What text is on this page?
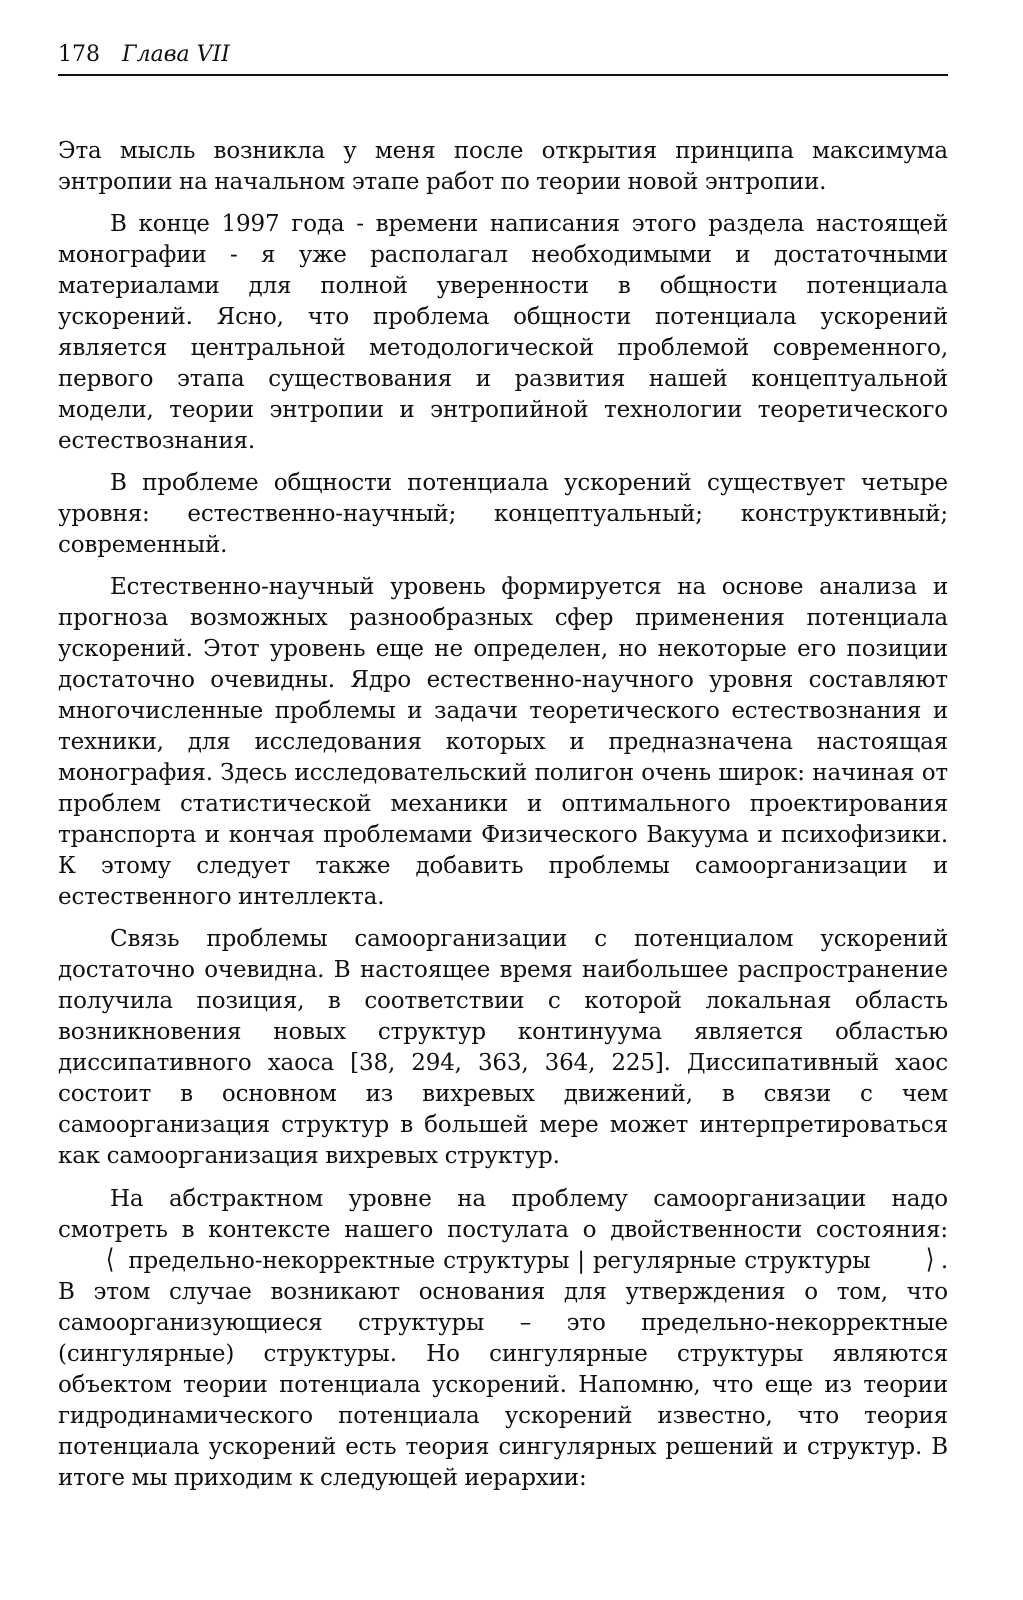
178 Глава VII

Эта мысль возникла у меня после открытия принципа максимума энтропии на начальном этапе работ по теории новой энтропии.

В конце 1997 года - времени написания этого раздела настоящей монографии - я уже располагал необходимыми и достаточными материалами для полной уверенности в общности потенциала ускорений. Ясно, что проблема общности потенциала ускорений является центральной методологической проблемой современного, первого этапа существования и развития нашей концептуальной модели, теории энтропии и энтропийной технологии теоретического естествознания.

В проблеме общности потенциала ускорений существует четыре уровня: естественно-научный; концептуальный; конструктивный; современный.

Естественно-научный уровень формируется на основе анализа и прогноза возможных разнообразных сфер применения потенциала ускорений. Этот уровень еще не определен, но некоторые его позиции достаточно очевидны. Ядро естественно-научного уровня составляют многочисленные проблемы и задачи теоретического естествознания и техники, для исследования которых и предназначена настоящая монография. Здесь исследовательский полигон очень широк: начиная от проблем статистической механики и оптимального проектирования транспорта и кончая проблемами Физического Вакуума и психофизики. К этому следует также добавить проблемы самоорганизации и естественного интеллекта.

Связь проблемы самоорганизации с потенциалом ускорений достаточно очевидна. В настоящее время наибольшее распространение получила позиция, в соответствии с которой локальная область возникновения новых структур континуума является областью диссипативного хаоса [38, 294, 363, 364, 225]. Диссипативный хаос состоит в основном из вихревых движений, в связи с чем самоорганизация структур в большей мере может интерпретироваться как самоорганизация вихревых структур.

На абстрактном уровне на проблему самоорганизации надо смотреть в контексте нашего постулата о двойственности состояния: ⟨ предельно-некорректные структуры | регулярные структуры ⟩ . В этом случае возникают основания для утверждения о том, что самоорганизующиеся структуры – это предельно-некорректные (сингулярные) структуры. Но сингулярные структуры являются объектом теории потенциала ускорений. Напомню, что еще из теории гидродинамического потенциала ускорений известно, что теория потенциала ускорений есть теория сингулярных решений и структур. В итоге мы приходим к следующей иерархии:
